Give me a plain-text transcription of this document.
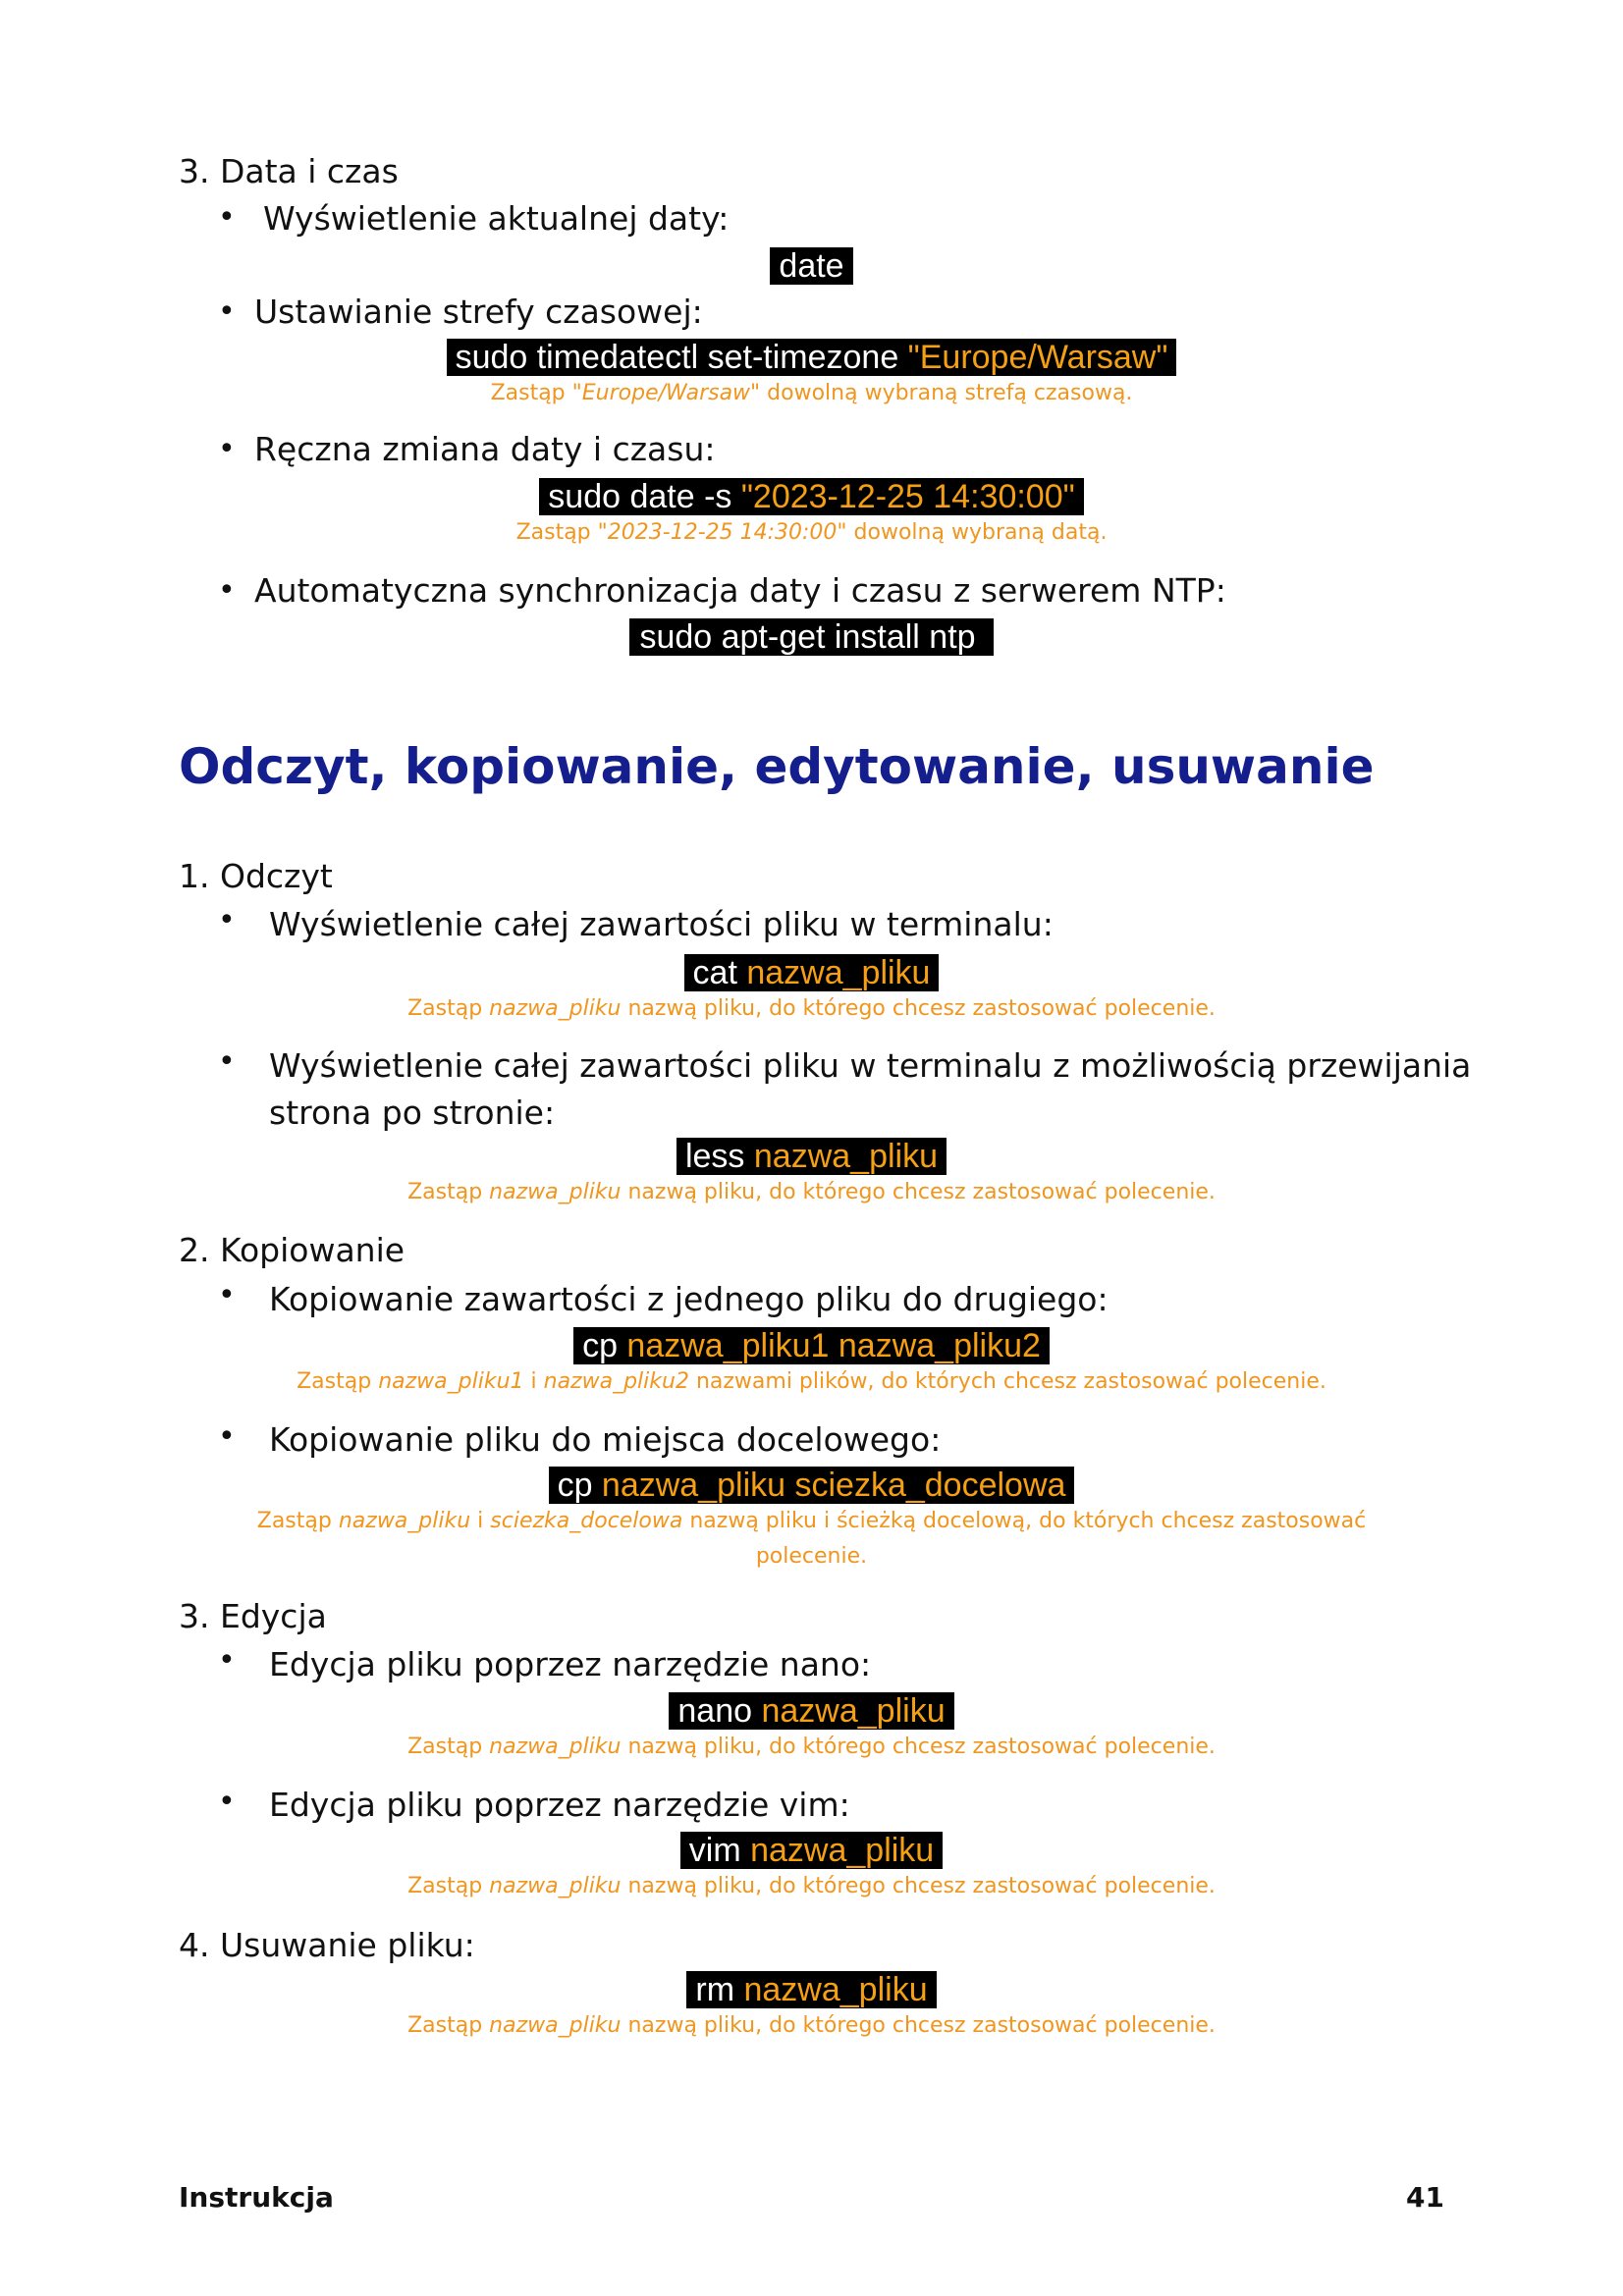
3. Data i czas
• Wyświetlenie aktualnej daty:
date
• Ustawianie strefy czasowej:
sudo timedatectl set-timezone "Europe/Warsaw"
Zastąp "Europe/Warsaw" dowolną wybraną strefą czasową.
• Ręczna zmiana daty i czasu:
sudo date -s "2023-12-25 14:30:00"
Zastąp "2023-12-25 14:30:00" dowolną wybraną datą.
• Automatyczna synchronizacja daty i czasu z serwerem NTP:
sudo apt-get install ntp
Odczyt, kopiowanie, edytowanie, usuwanie
1. Odczyt
• Wyświetlenie całej zawartości pliku w terminalu:
cat nazwa_pliku
Zastąp nazwa_pliku nazwą pliku, do którego chcesz zastosować polecenie.
• Wyświetlenie całej zawartości pliku w terminalu z możliwością przewijania
strona po stronie:
less nazwa_pliku
Zastąp nazwa_pliku nazwą pliku, do którego chcesz zastosować polecenie.
2. Kopiowanie
• Kopiowanie zawartości z jednego pliku do drugiego:
cp nazwa_pliku1 nazwa_pliku2
Zastąp nazwa_pliku1 i nazwa_pliku2 nazwami plików, do których chcesz zastosować polecenie.
• Kopiowanie pliku do miejsca docelowego:
cp nazwa_pliku sciezka_docelowa
Zastąp nazwa_pliku i sciezka_docelowa nazwą pliku i ścieżką docelową, do których chcesz zastosować
polecenie.
3. Edycja
• Edycja pliku poprzez narzędzie nano:
nano nazwa_pliku
Zastąp nazwa_pliku nazwą pliku, do którego chcesz zastosować polecenie.
• Edycja pliku poprzez narzędzie vim:
vim nazwa_pliku
Zastąp nazwa_pliku nazwą pliku, do którego chcesz zastosować polecenie.
4. Usuwanie pliku:
rm nazwa_pliku
Zastąp nazwa_pliku nazwą pliku, do którego chcesz zastosować polecenie.
Instrukcja	41
